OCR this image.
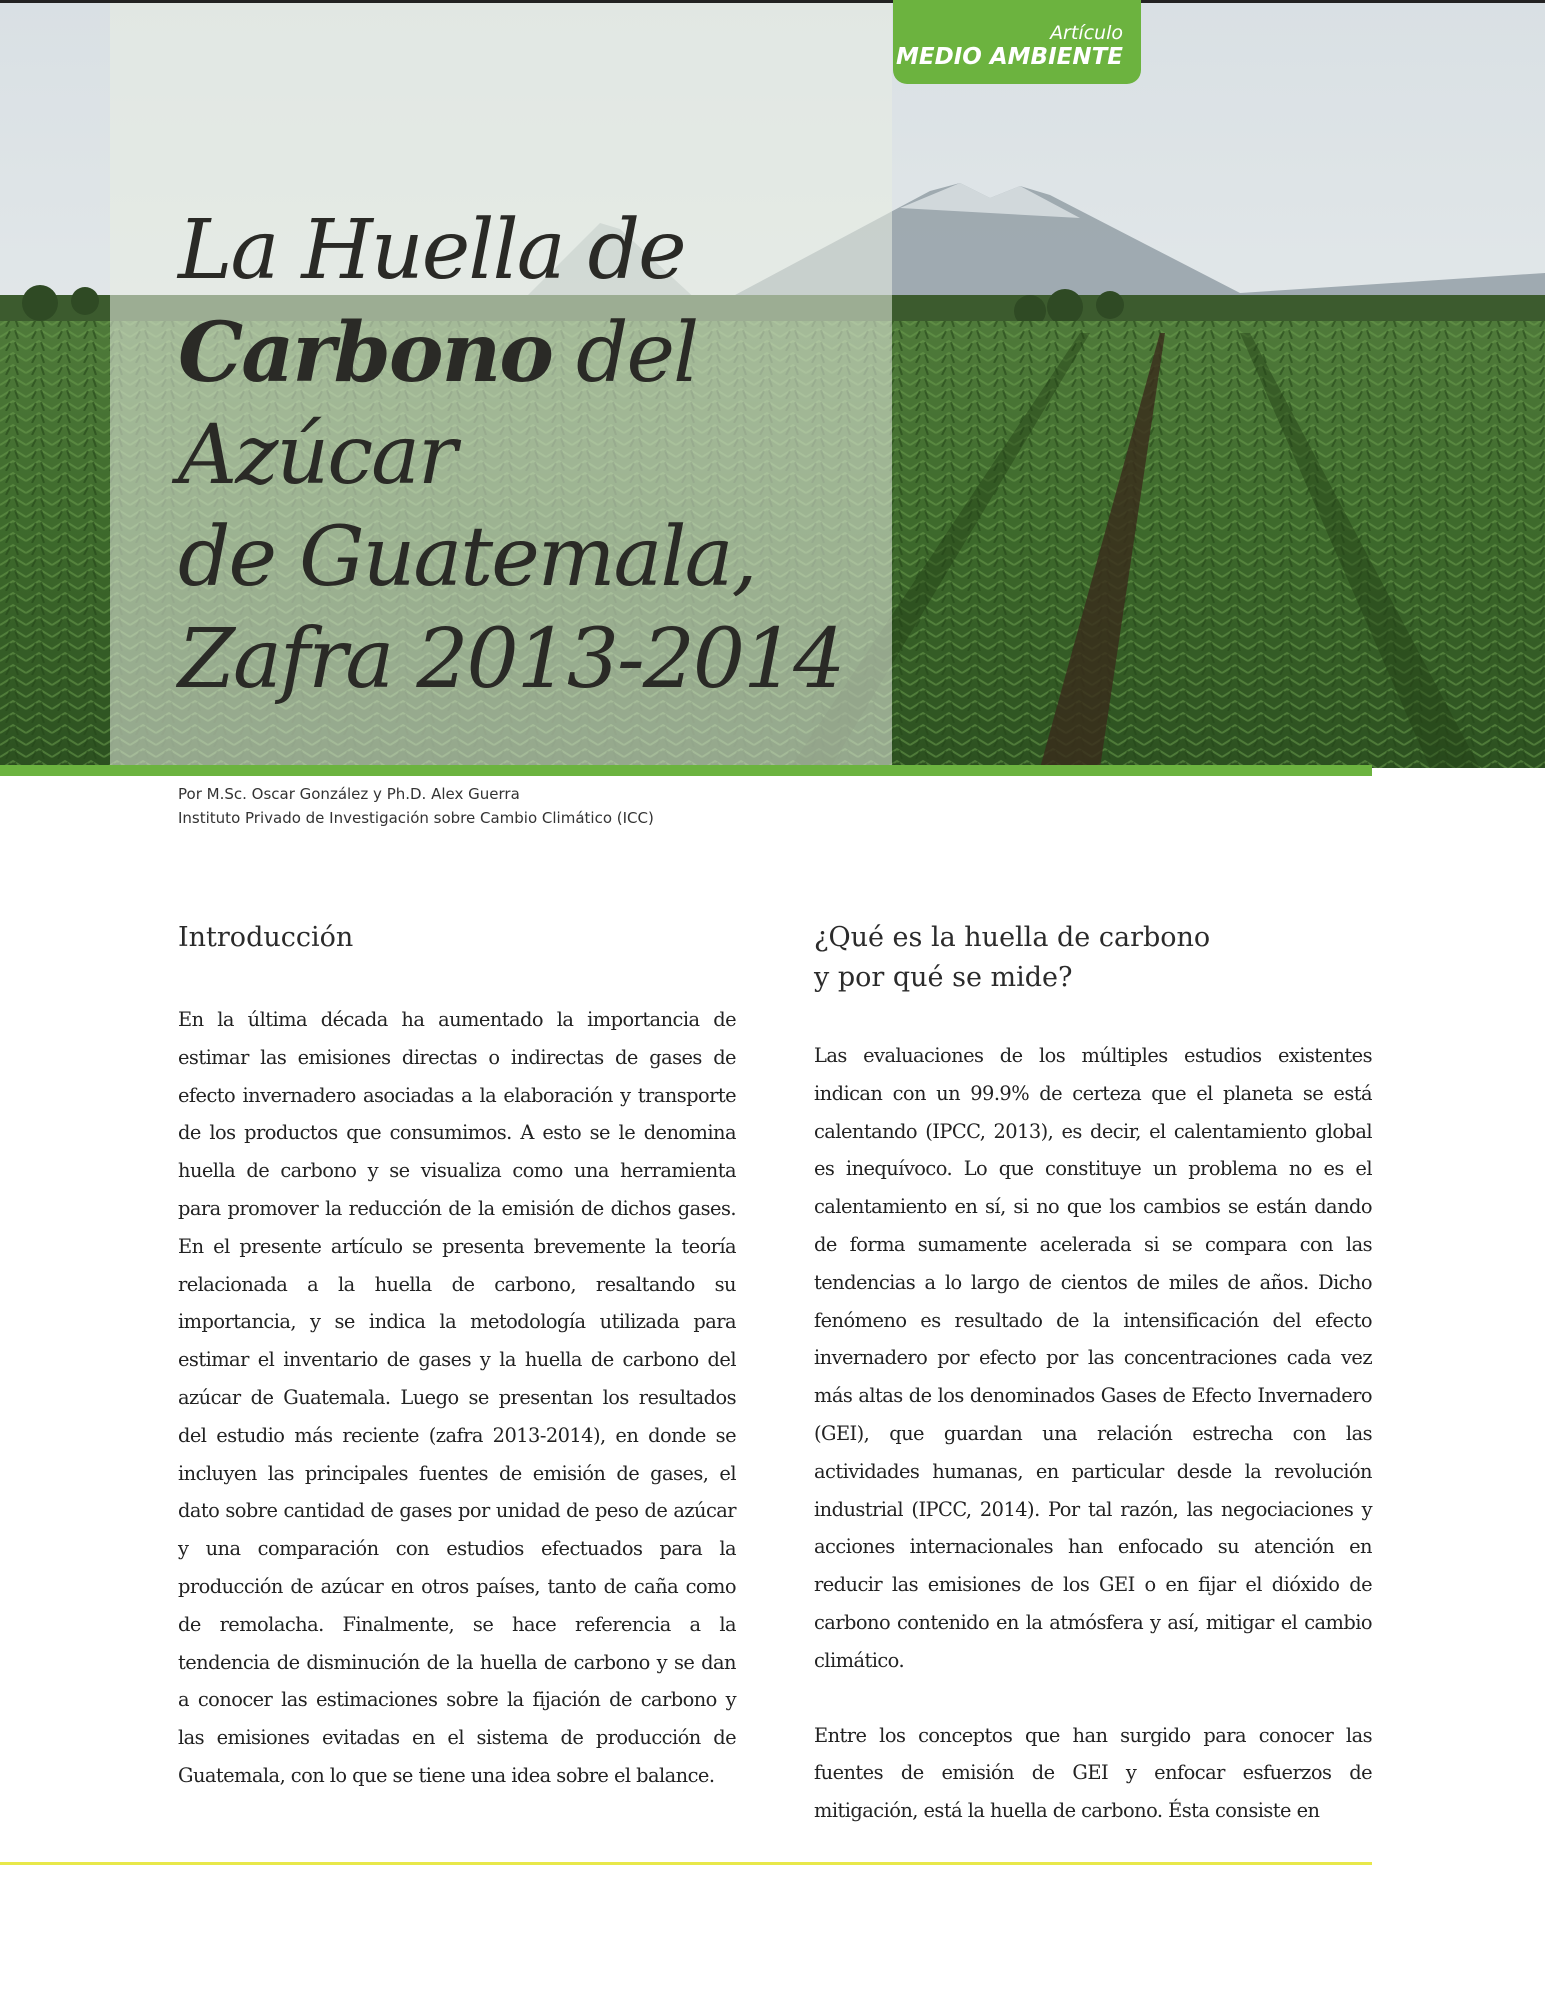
Artículo
MEDIO AMBIENTE
La Huella de
Carbono del Azúcar
de Guatemala,
Zafra 2013-2014
Por M.Sc. Oscar González y Ph.D. Alex Guerra
Instituto Privado de Investigación sobre Cambio Climático (ICC)
Introducción

En la última década ha aumentado la importancia de estimar las emisiones directas o indirectas de gases de efecto invernadero asociadas a la elaboración y transporte de los productos que consumimos. A esto se le denomina huella de carbono y se visualiza como una herramienta para promover la reducción de la emisión de dichos gases. En el presente artículo se presenta brevemente la teoría relacionada a la huella de carbono, resaltando su importancia, y se indica la metodología utilizada para estimar el inventario de gases y la huella de carbono del azúcar de Guatemala. Luego se presentan los resultados del estudio más reciente (zafra 2013-2014), en donde se incluyen las principales fuentes de emisión de gases, el dato sobre cantidad de gases por unidad de peso de azúcar y una comparación con estudios efectuados para la producción de azúcar en otros países, tanto de caña como de remolacha. Finalmente, se hace referencia a la tendencia de disminución de la huella de carbono y se dan a conocer las estimaciones sobre la fijación de carbono y las emisiones evitadas en el sistema de producción de Guatemala, con lo que se tiene una idea sobre el balance.

¿Qué es la huella de carbono
y por qué se mide?

Las evaluaciones de los múltiples estudios existentes indican con un 99.9% de certeza que el planeta se está calentando (IPCC, 2013), es decir, el calentamiento global es inequívoco. Lo que constituye un problema no es el calentamiento en sí, si no que los cambios se están dando de forma sumamente acelerada si se compara con las tendencias a lo largo de cientos de miles de años. Dicho fenómeno es resultado de la intensificación del efecto invernadero por efecto por las concentraciones cada vez más altas de los denominados Gases de Efecto Invernadero (GEI), que guardan una relación estrecha con las actividades humanas, en particular desde la revolución industrial (IPCC, 2014). Por tal razón, las negociaciones y acciones internacionales han enfocado su atención en reducir las emisiones de los GEI o en fijar el dióxido de carbono contenido en la atmósfera y así, mitigar el cambio climático.

Entre los conceptos que han surgido para conocer las fuentes de emisión de GEI y enfocar esfuerzos de mitigación, está la huella de carbono. Ésta consiste en
